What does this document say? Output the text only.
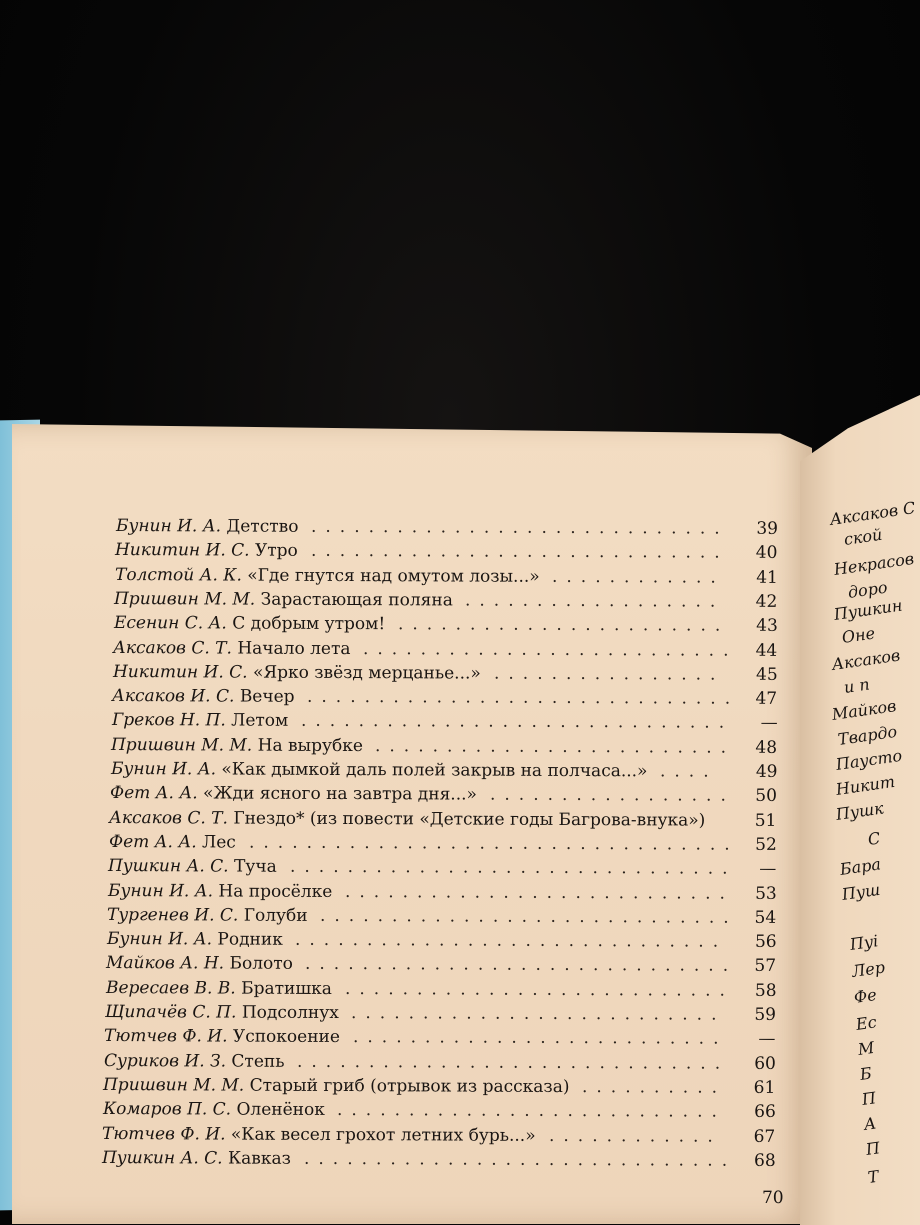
Бунин И. А. Детство	39
.............................
Никитин И. С. Утро	40
.............................
Толстой А. К. «Где гнутся над омутом лозы...»	41
............
Пришвин М. М. Зарастающая поляна	42
..................
Есенин С. А. С добрым утром!	43
.......................
Аксаков С. Т. Начало лета	44
..........................
Никитин И. С. «Ярко звёзд мерцанье...»	45
................
Аксаков И. С. Вечер	47
..............................
Греков Н. П. Летом	—
..............................
Пришвин М. М. На вырубке	48
.........................
Бунин И. А. «Как дымкой даль полей закрыв на полчаса...»	49
....
Фет А. А. «Жди ясного на завтра дня...»	50
.................
Аксаков С. Т. Гнездо* (из повести «Детские годы Багрова-внука»)	51
Фет А. А. Лес	52
..................................
Пушкин А. С. Туча	—
...............................
Бунин И. А. На просёлке	53
...........................
Тургенев И. С. Голуби	54
.............................
Бунин И. А. Родник	56
..............................
Майков А. Н. Болото	57
..............................
Вересаев В. В. Братишка	58
...........................
Щипачёв С. П. Подсолнух	59
..........................
Тютчев Ф. И. Успокоение	—
..........................
Суриков И. З. Степь	60
..............................
Пришвин М. М. Старый гриб (отрывок из рассказа)	61
..........
Комаров П. С. Оленёнок	66
...........................
Тютчев Ф. И. «Как весел грохот летних бурь...»	67
............
Пушкин А. С. Кавказ	68
..............................
70
Аксаков С
ской
Некрасов
доро
Пушкин
Оне
Аксаков
и п
Майков
Твардо
Паусто
Никит
Пушк
С
Бара
Пуш
Пуі
Лер
Фе
Ес
М
Б
П
А
П
Т
